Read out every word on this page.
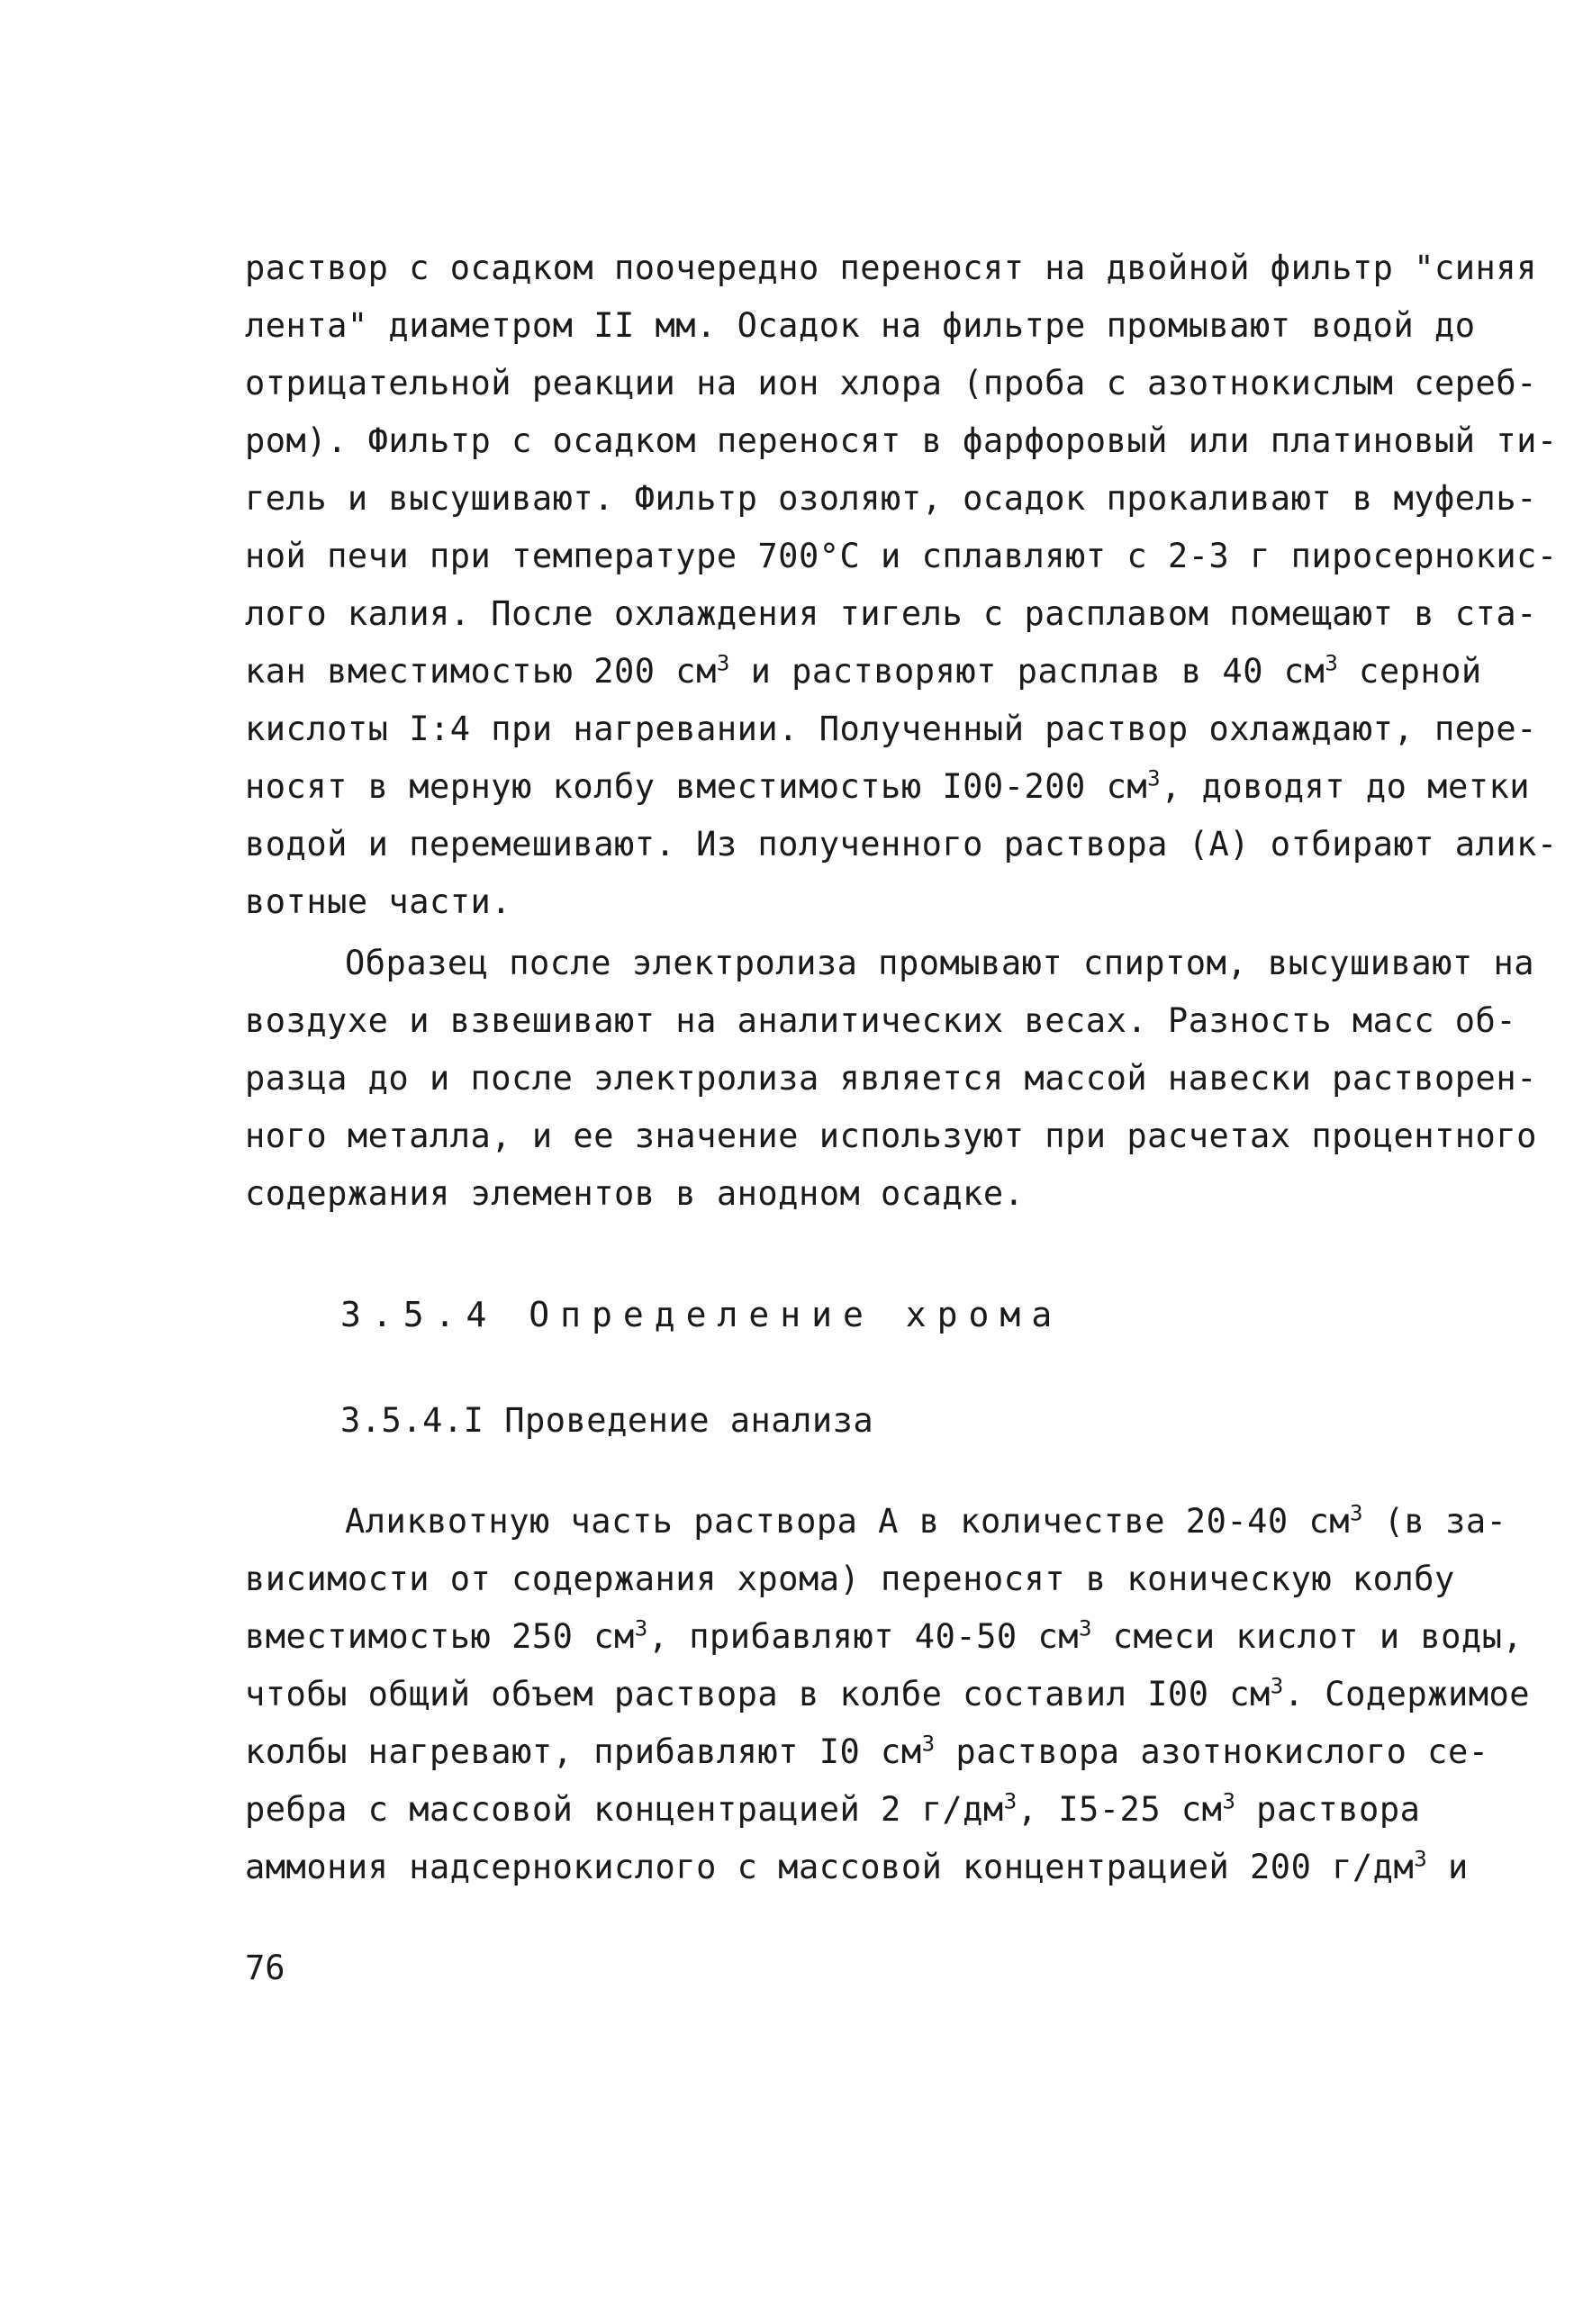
раствор с осадком поочередно переносят на двойной фильтр "синяя
лента" диаметром II мм. Осадок на фильтре промывают водой до
отрицательной реакции на ион хлора (проба с азотнокислым сереб-
ром). Фильтр с осадком переносят в фарфоровый или платиновый ти-
гель и высушивают. Фильтр озоляют, осадок прокаливают в муфель-
ной печи при температуре 700°С и сплавляют с 2-3 г пиросернокис-
лого калия. После охлаждения тигель с расплавом помещают в ста-
кан вместимостью 200 $см^3$ и растворяют расплав в 40 $см^3$ серной
кислоты I:4 при нагревании. Полученный раствор охлаждают, пере-
носят в мерную колбу вместимостью I00-200 $см^3$, доводят до метки
водой и перемешивают. Из полученного раствора (А) отбирают алик-
вотные части.
Образец после электролиза промывают спиртом, высушивают на
воздухе и взвешивают на аналитических весах. Разность масс об-
разца до и после электролиза является массой навески растворен-
ного металла, и ее значение используют при расчетах процентного
содержания элементов в анодном осадке.
3.5.4 Определение хрома
3.5.4.I Проведение анализа
Аликвотную часть раствора А в количестве 20-40 $см^3$ (в за-
висимости от содержания хрома) переносят в коническую колбу
вместимостью 250 $см^3$, прибавляют 40-50 $см^3$ смеси кислот и воды,
чтобы общий объем раствора в колбе составил I00 $см^3$. Содержимое
колбы нагревают, прибавляют I0 $см^3$ раствора азотнокислого се-
ребра с массовой концентрацией 2 $г/дм^3$, I5-25 $см^3$ раствора
аммония надсернокислого с массовой концентрацией 200 $г/дм^3$ и
76
